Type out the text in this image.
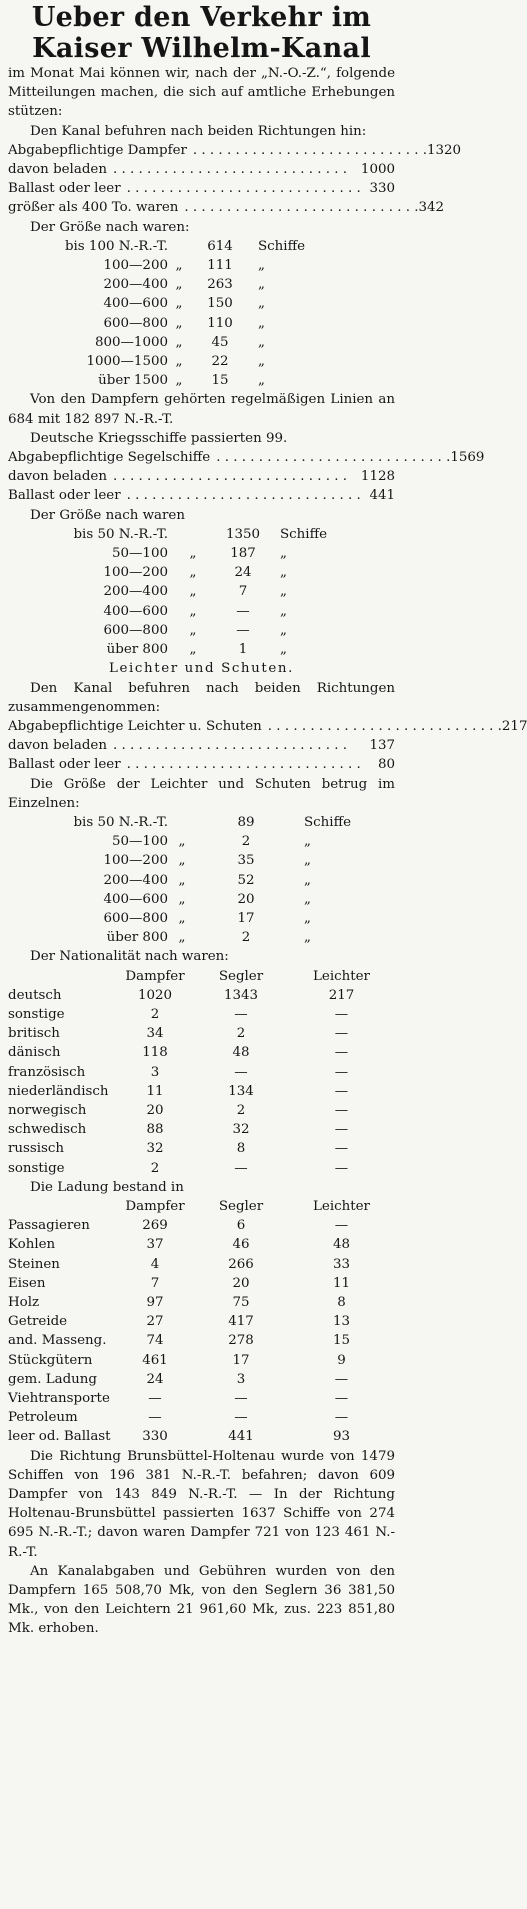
Ueber den Verkehr im
Kaiser Wilhelm-Kanal

im Monat Mai können wir, nach der „N.-O.-Z.“, folgende Mitteilungen machen, die sich auf amtliche Erhebungen stützen:

Den Kanal befuhren nach beiden Richtungen hin:

Abgabepflichtige Dampfer . . . . . . . . . . . . . . . . . . . . . . . . . . . . 1320
davon beladen . . . . . . . . . . . . . . . . . . . . . . . . . . . .	1000
Ballast oder leer . . . . . . . . . . . . . . . . . . . . . . . . . . . . 330
größer als 400 To. waren . . . . . . . . . . . . . . . . . . . . . . . . . . . . 342

Der Größe nach waren:

bis 100 N.-R.-T.	614	Schiffe
100—200 „	111	„
200—400 „	263	„
400—600 „	150	„
600—800 „	110	„
800—1000 „	45	„
1000—1500 „	22	„
über 1500 „	15	„

Von den Dampfern gehörten regelmäßigen Linien an 684 mit 182 897 N.-R.-T.

Deutsche Kriegsschiffe passierten 99.

Abgabepflichtige Segelschiffe . . . . . . . . . . . . . . . . . . . . . . . . . . . . 1569
davon beladen . . . . . . . . . . . . . . . . . . . . . . . . . . . .	1128
Ballast oder leer . . . . . . . . . . . . . . . . . . . . . . . . . . . . 441

Der Größe nach waren

bis 50 N.-R.-T.	1350	Schiffe
50—100	„	187	„
100—200	„	24	„
200—400	„	7	„
400—600	„	—	„
600—800	„	—	„
über 800	„	1	„
Leichter und Schuten.

Den Kanal befuhren nach beiden Richtungen zusammengenommen:

Abgabepflichtige Leichter u. Schuten . . . . . . . . . . . . . . . . . . . . . . . . . . . . 217
davon beladen . . . . . . . . . . . . . . . . . . . . . . . . . . . .	137
Ballast oder leer . . . . . . . . . . . . . . . . . . . . . . . . . . . .	80

Die Größe der Leichter und Schuten betrug im Einzelnen:

bis 50 N.-R.-T.	89	Schiffe
50—100 „	2	„
100—200 „	35	„
200—400 „	52	„
400—600 „	20	„
600—800 „	17	„
über 800 „	2	„

Der Nationalität nach waren:

	Dampfer	Segler	Leichter
deutsch	1020	1343	217
sonstige	2	—	—
britisch	34	2	—
dänisch	118	48	—
französisch	3	—	—
niederländisch	11	134	—
norwegisch	20	2	—
schwedisch	88	32	—
russisch	32	8	—
sonstige	2	—	—

Die Ladung bestand in

	Dampfer	Segler	Leichter
Passagieren	269	6	—
Kohlen	37	46	48
Steinen	4	266	33
Eisen	7	20	11
Holz	97	75	8
Getreide	27	417	13
and. Masseng.	74	278	15
Stückgütern	461	17	9
gem. Ladung	24	3	—
Viehtransporte	—	—	—
Petroleum	—	—	—
leer od. Ballast	330	441	93

Die Richtung Brunsbüttel-Holtenau wurde von 1479 Schiffen von 196 381 N.-R.-T. befahren; davon 609 Dampfer von 143 849 N.-R.-T. — In der Richtung Holtenau-Brunsbüttel passierten 1637 Schiffe von 274 695 N.-R.-T.; davon waren Dampfer 721 von 123 461 N.-R.-T.

An Kanalabgaben und Gebühren wurden von den Dampfern 165 508,70 Mk, von den Seglern 36 381,50 Mk., von den Leichtern 21 961,60 Mk, zus. 223 851,80 Mk. erhoben.
